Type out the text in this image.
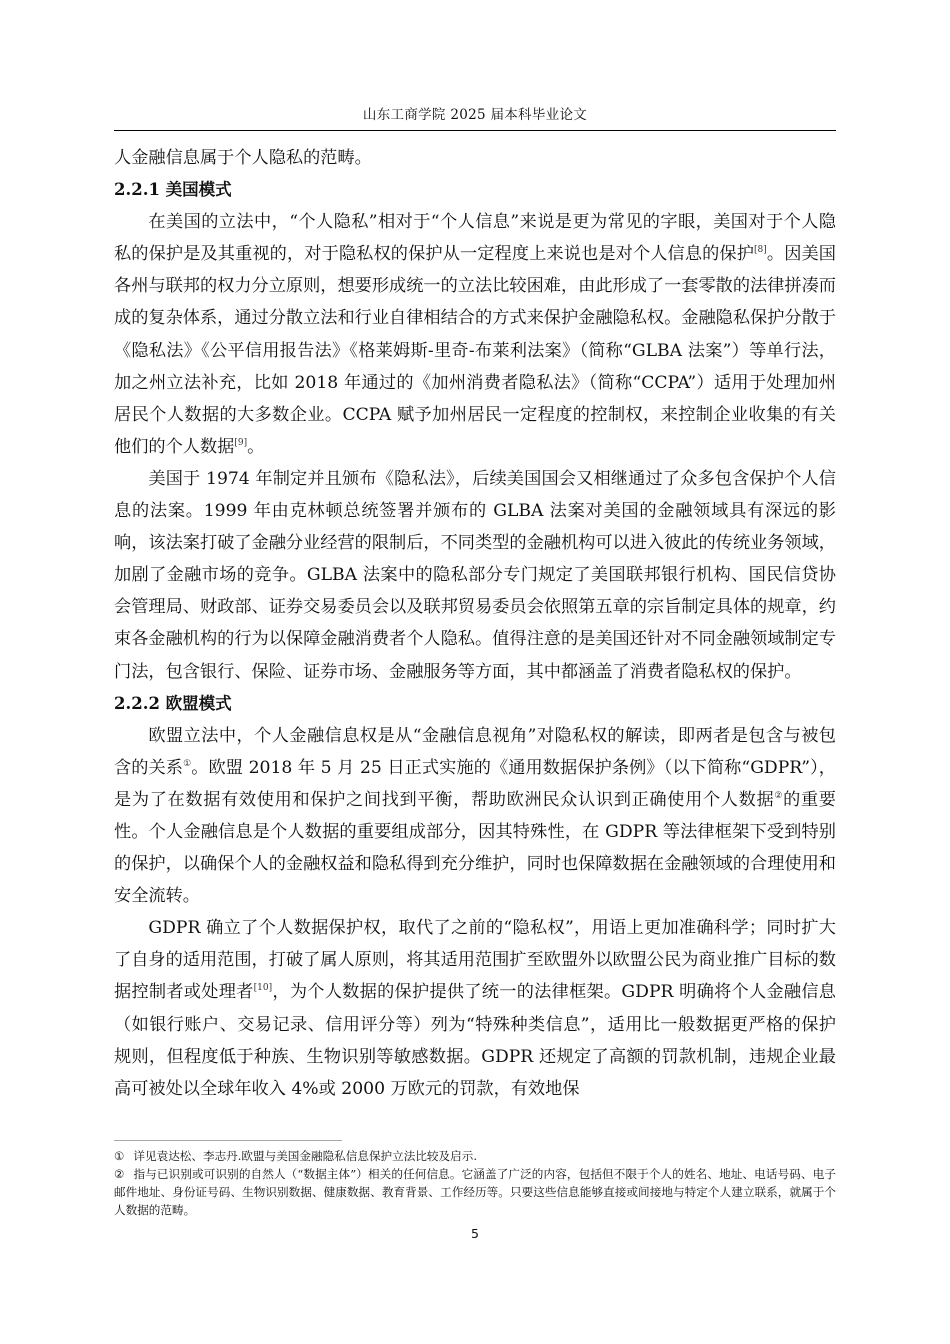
山东工商学院 2025 届本科毕业论文

人金融信息属于个人隐私的范畴。

2.2.1 美国模式

在美国的立法中，“个人隐私”相对于“个人信息”来说是更为常见的字眼，美国对于个人隐私的保护是及其重视的，对于隐私权的保护从一定程度上来说也是对个人信息的保护[8]。因美国各州与联邦的权力分立原则，想要形成统一的立法比较困难，由此形成了一套零散的法律拼凑而成的复杂体系，通过分散立法和行业自律相结合的方式来保护金融隐私权。金融隐私保护分散于《隐私法》《公平信用报告法》《格莱姆斯-里奇-布莱利法案》（简称“GLBA 法案”）等单行法，加之州立法补充，比如 2018 年通过的《加州消费者隐私法》（简称“CCPA”）适用于处理加州居民个人数据的大多数企业。CCPA 赋予加州居民一定程度的控制权，来控制企业收集的有关他们的个人数据[9]。

美国于 1974 年制定并且颁布《隐私法》，后续美国国会又相继通过了众多包含保护个人信息的法案。1999 年由克林顿总统签署并颁布的 GLBA 法案对美国的金融领域具有深远的影响，该法案打破了金融分业经营的限制后，不同类型的金融机构可以进入彼此的传统业务领域，加剧了金融市场的竞争。GLBA 法案中的隐私部分专门规定了美国联邦银行机构、国民信贷协会管理局、财政部、证券交易委员会以及联邦贸易委员会依照第五章的宗旨制定具体的规章，约束各金融机构的行为以保障金融消费者个人隐私。值得注意的是美国还针对不同金融领域制定专门法，包含银行、保险、证券市场、金融服务等方面，其中都涵盖了消费者隐私权的保护。

2.2.2 欧盟模式

欧盟立法中，个人金融信息权是从“金融信息视角”对隐私权的解读，即两者是包含与被包含的关系①。欧盟 2018 年 5 月 25 日正式实施的《通用数据保护条例》（以下简称“GDPR”），是为了在数据有效使用和保护之间找到平衡，帮助欧洲民众认识到正确使用个人数据②的重要性。个人金融信息是个人数据的重要组成部分，因其特殊性，在 GDPR 等法律框架下受到特别的保护，以确保个人的金融权益和隐私得到充分维护，同时也保障数据在金融领域的合理使用和安全流转。

GDPR 确立了个人数据保护权，取代了之前的“隐私权”，用语上更加准确科学；同时扩大了自身的适用范围，打破了属人原则，将其适用范围扩至欧盟外以欧盟公民为商业推广目标的数据控制者或处理者[10]，为个人数据的保护提供了统一的法律框架。GDPR 明确将个人金融信息（如银行账户、交易记录、信用评分等）列为“特殊种类信息”，适用比一般数据更严格的保护规则，但程度低于种族、生物识别等敏感数据。GDPR 还规定了高额的罚款机制，违规企业最高可被处以全球年收入 4%或 2000 万欧元的罚款，有效地保

① 详见袁达松、李志丹.欧盟与美国金融隐私信息保护立法比较及启示.

② 指与已识别或可识别的自然人（“数据主体”）相关的任何信息。它涵盖了广泛的内容，包括但不限于个人的姓名、地址、电话号码、电子邮件地址、身份证号码、生物识别数据、健康数据、教育背景、工作经历等。只要这些信息能够直接或间接地与特定个人建立联系，就属于个人数据的范畴。

5
